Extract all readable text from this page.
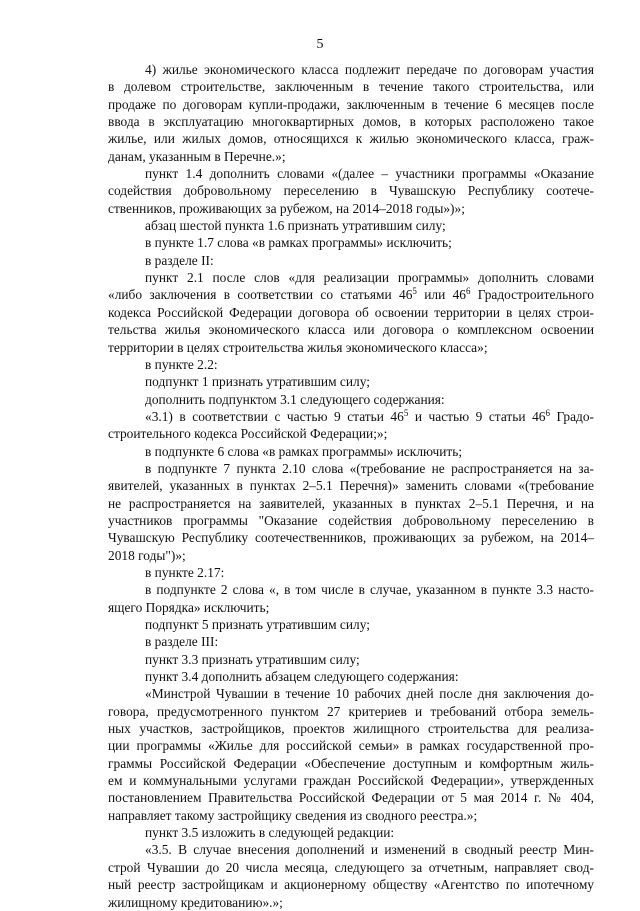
5
4) жилье экономического класса подлежит передаче по договорам участия
в долевом строительстве, заключенным в течение такого строительства, или
продаже по договорам купли-продажи, заключенным в течение 6 месяцев после
ввода в эксплуатацию многоквартирных домов, в которых расположено такое
жилье, или жилых домов, относящихся к жилью экономического класса, граж-
данам, указанным в Перечне.»;
пункт 1.4 дополнить словами «(далее – участники программы «Оказание
содействия добровольному переселению в Чувашскую Республику соотече-
ственников, проживающих за рубежом, на 2014–2018 годы»)»;
абзац шестой пункта 1.6 признать утратившим силу;
в пункте 1.7 слова «в рамках программы» исключить;
в разделе II:
пункт 2.1 после слов «для реализации программы» дополнить словами
«либо заключения в соответствии со статьями $46^5$ или $46^6$ Градостроительного
кодекса Российской Федерации договора об освоении территории в целях строи-
тельства жилья экономического класса или договора о комплексном освоении
территории в целях строительства жилья экономического класса»;
в пункте 2.2:
подпункт 1 признать утратившим силу;
дополнить подпунктом 3.1 следующего содержания:
«3.1) в соответствии с частью 9 статьи $46^5$ и частью 9 статьи $46^6$ Градо-
строительного кодекса Российской Федерации;»;
в подпункте 6 слова «в рамках программы» исключить;
в подпункте 7 пункта 2.10 слова «(требование не распространяется на за-
явителей, указанных в пунктах 2–5.1 Перечня)» заменить словами «(требование
не распространяется на заявителей, указанных в пунктах 2–5.1 Перечня, и на
участников программы "Оказание содействия добровольному переселению в
Чувашскую Республику соотечественников, проживающих за рубежом, на 2014–
2018 годы")»;
в пункте 2.17:
в подпункте 2 слова «, в том числе в случае, указанном в пункте 3.3 насто-
ящего Порядка» исключить;
подпункт 5 признать утратившим силу;
в разделе III:
пункт 3.3 признать утратившим силу;
пункт 3.4 дополнить абзацем следующего содержания:
«Минстрой Чувашии в течение 10 рабочих дней после дня заключения до-
говора, предусмотренного пунктом 27 критериев и требований отбора земель-
ных участков, застройщиков, проектов жилищного строительства для реализа-
ции программы «Жилье для российской семьи» в рамках государственной про-
граммы Российской Федерации «Обеспечение доступным и комфортным жиль-
ем и коммунальными услугами граждан Российской Федерации», утвержденных
постановлением Правительства Российской Федерации от 5 мая 2014 г. № 404,
направляет такому застройщику сведения из сводного реестра.»;
пункт 3.5 изложить в следующей редакции:
«3.5. В случае внесения дополнений и изменений в сводный реестр Мин-
строй Чувашии до 20 числа месяца, следующего за отчетным, направляет свод-
ный реестр застройщикам и акционерному обществу «Агентство по ипотечному
жилищному кредитованию».»;
